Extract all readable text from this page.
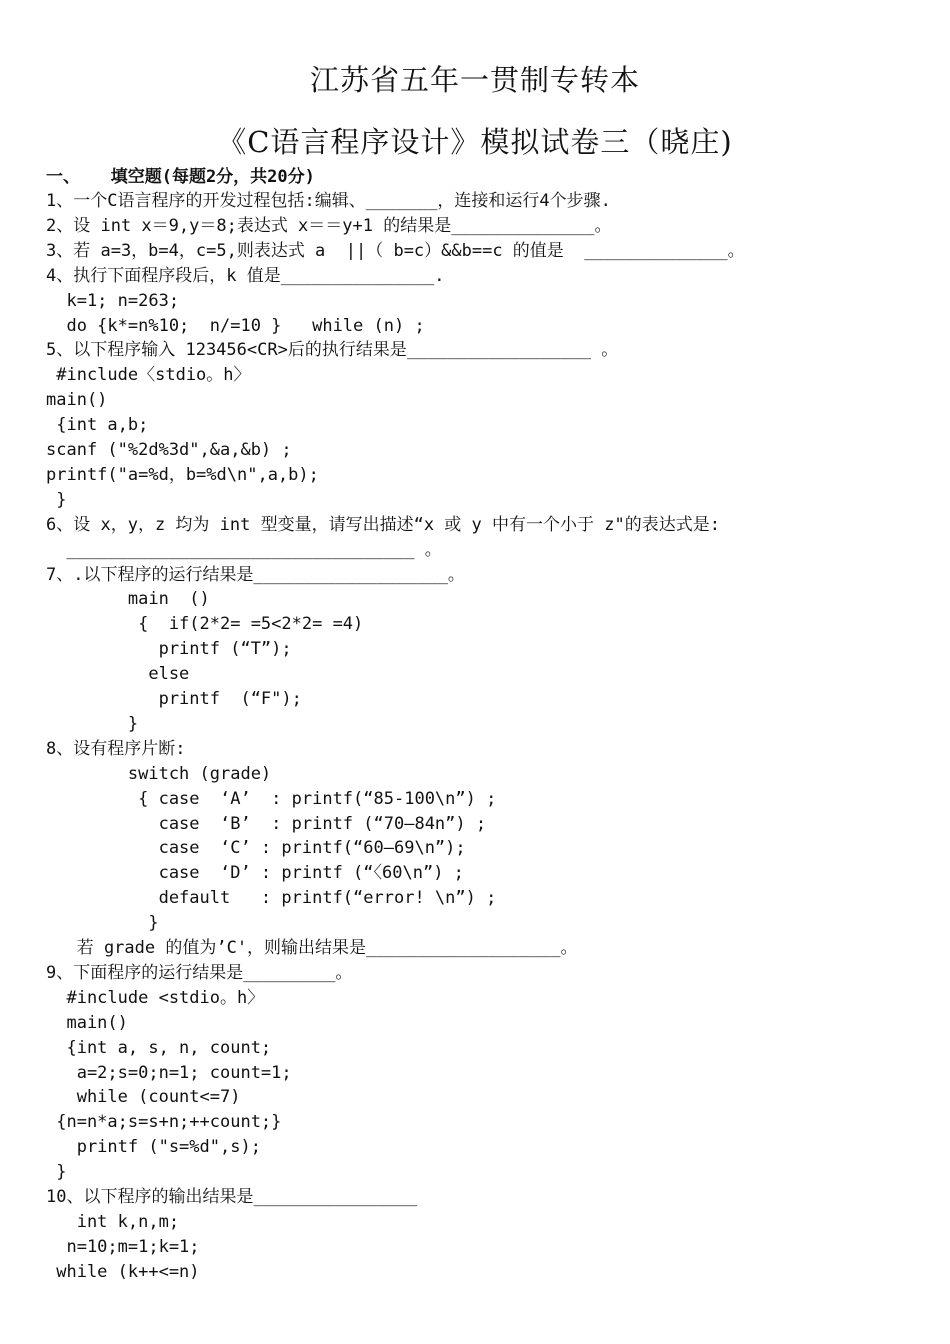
江苏省五年一贯制专转本
《C语言程序设计》模拟试卷三（晓庄)
一、   填空题(每题2分，共20分)
1、一个C语言程序的开发过程包括:编辑、_______，连接和运行4个步骤.
2、设 int x＝9,y＝8;表达式 x＝＝y+1 的结果是______________。
3、若 a=3，b=4，c=5,则表达式 a  ||（ b=c）&&b==c 的值是  ______________。
4、执行下面程序段后，k 值是_______________.
k=1; n=263;
do {k*=n%10;  n/=10 }   while (n) ;
5、以下程序输入 123456<CR>后的执行结果是__________________ 。
#include〈stdio。h〉
main()
{int a,b;
scanf ("%2d%3d",&a,&b) ;
printf("a=%d，b=%d\n",a,b);
}
6、设 x，y，z 均为 int 型变量，请写出描述“x 或 y 中有一个小于 z"的表达式是:
__________________________________ 。
7、.以下程序的运行结果是___________________。
main  ()
{  if(2*2= =5<2*2= =4)
printf (“T”);
else
printf  (“F");
}
8、设有程序片断:
switch (grade)
{ case  ‘A’  : printf(“85-100\n”) ;
case  ‘B’  : printf (“70—84n”) ;
case  ‘C’ : printf(“60—69\n”);
case  ‘D’ : printf (“〈60\n”) ;
default   : printf(“error! \n”) ;
}
若 grade 的值为’C'，则输出结果是___________________。
9、下面程序的运行结果是_________。
#include <stdio。h〉
main()
{int a, s, n, count;
a=2;s=0;n=1; count=1;
while (count<=7)
{n=n*a;s=s+n;++count;}
printf ("s=%d",s);
}
10、以下程序的输出结果是________________
int k,n,m;
n=10;m=1;k=1;
while (k++<=n)
